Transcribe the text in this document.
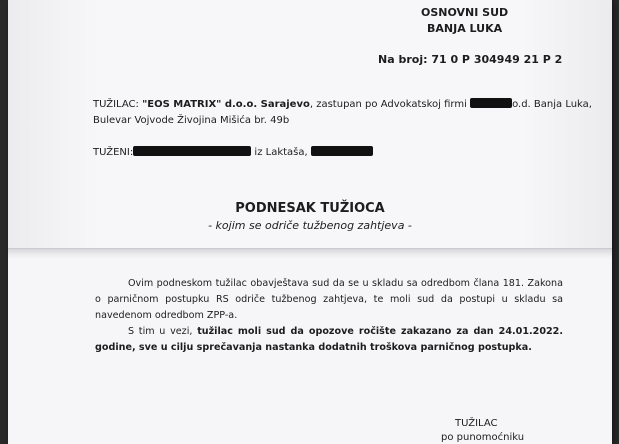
OSNOVNI SUD
BANJA LUKA
Na broj: 71 0 P 304949 21 P 2
TUŽILAC: "EOS MATRIX" d.o.o. Sarajevo, zastupan po Advokatskoj firmi	o.d. Banja Luka,
Bulevar Vojvode Živojina Mišića br. 49b
TUŽENI:	iz Laktaša,
PODNESAK TUŽIOCA
- kojim se odriče tužbenog zahtjeva -
Ovim podneskom tužilac obavještava sud da se u skladu sa odredbom člana 181. Zakona o parničnom postupku RS odriče tužbenog zahtjeva, te moli sud da postupi u skladu sa navedenom odredbom ZPP-a.
S tim u vezi, tužilac moli sud da opozove ročište zakazano za dan 24.01.2022. godine, sve u cilju sprečavanja nastanka dodatnih troškova parničnog postupka.
TUŽILAC
po punomoćniku
